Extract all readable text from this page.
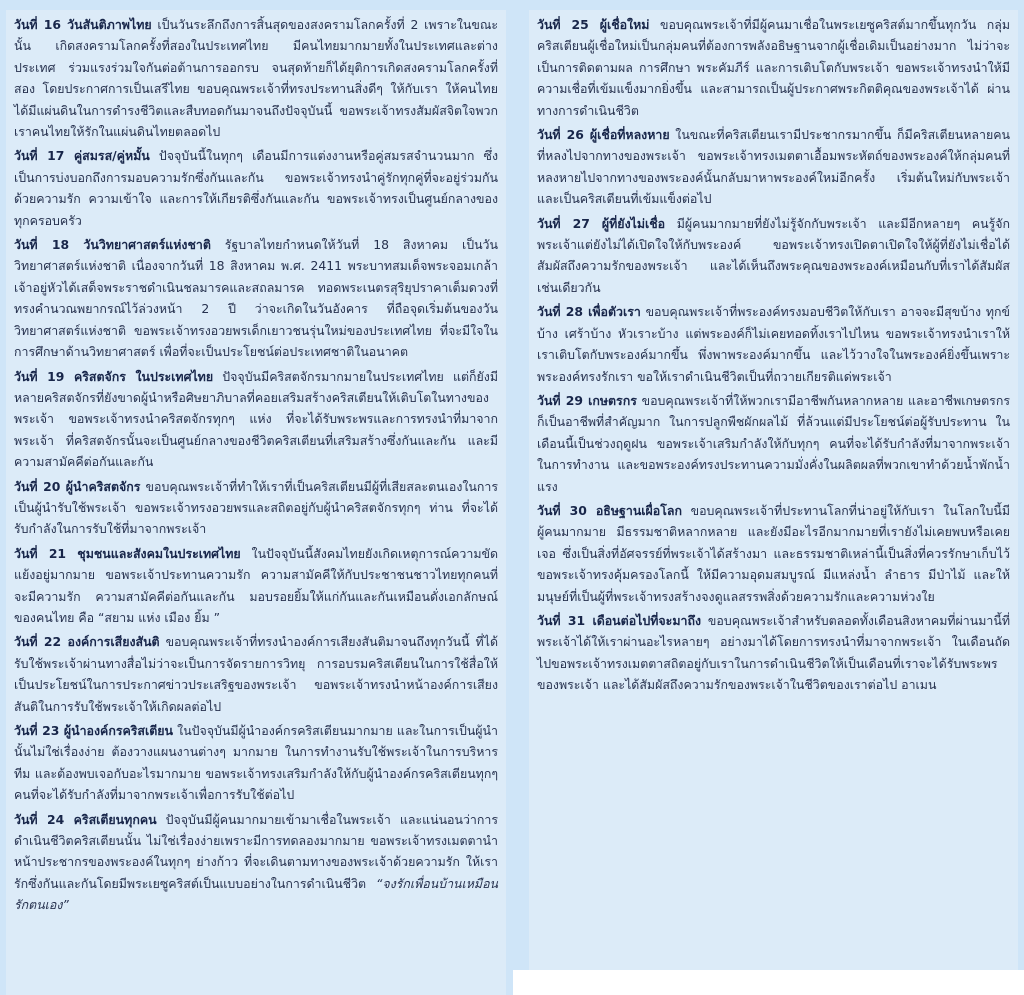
วันที่ 16 วันสันติภาพไทย เป็นวันระลึกถึงการสิ้นสุดของสงครามโลกครั้งที่ 2 เพราะในขณะนั้น เกิดสงครามโลกครั้งที่สองในประเทศไทย มีคนไทยมากมายทั้งในประเทศและต่างประเทศ ร่วมแรงร่วมใจกันต่อต้านการออกรบ จนสุดท้ายก็ได้ยุติการเกิดสงครามโลกครั้งที่สอง โดยประกาศการเป็นเสรีไทย ขอบคุณพระเจ้าที่ทรงประทานสิ่งดีๆ ให้กับเรา ให้คนไทยได้มีแผ่นดินในการดำรงชีวิตและสืบทอดกันมาจนถึงปัจจุบันนี้ ขอพระเจ้าทรงสัมผัสจิตใจพวกเราคนไทยให้รักในแผ่นดินไทยตลอดไป

วันที่ 17 คู่สมรส/คู่หมั้น ปัจจุบันนี้ในทุกๆ เดือนมีการแต่งงานหรือคู่สมรสจำนวนมาก ซึ่งเป็นการบ่งบอกถึงการมอบความรักซึ่งกันและกัน ขอพระเจ้าทรงนำคู่รักทุกคู่ที่จะอยู่ร่วมกันด้วยความรัก ความเข้าใจ และการให้เกียรติซึ่งกันและกัน ขอพระเจ้าทรงเป็นศูนย์กลางของทุกครอบครัว

วันที่ 18 วันวิทยาศาสตร์แห่งชาติ รัฐบาลไทยกำหนดให้วันที่ 18 สิงหาคม เป็นวันวิทยาศาสตร์แห่งชาติ เนื่องจากวันที่ 18 สิงหาคม พ.ศ. 2411 พระบาทสมเด็จพระจอมเกล้าเจ้าอยู่หัวได้เสด็จพระราชดำเนินชลมารคและสถลมารค ทอดพระเนตรสุริยุปราคาเต็มดวงที่ทรงคำนวณพยากรณ์ไว้ล่วงหน้า 2 ปี ว่าจะเกิดในวันอังคาร ที่ถือจุดเริ่มต้นของวันวิทยาศาสตร์แห่งชาติ ขอพระเจ้าทรงอวยพรเด็กเยาวชนรุ่นใหม่ของประเทศไทย ที่จะมีใจในการศึกษาด้านวิทยาศาสตร์ เพื่อที่จะเป็นประโยชน์ต่อประเทศชาติในอนาคต

วันที่ 19 คริสตจักร ในประเทศไทย ปัจจุบันมีคริสตจักรมากมายในประเทศไทย แต่ก็ยังมีหลายคริสตจักรที่ยังขาดผู้นำหรือศิษยาภิบาลที่คอยเสริมสร้างคริสเตียนให้เติบโตในทางของพระเจ้า ขอพระเจ้าทรงนำคริสตจักรทุกๆ แห่ง ที่จะได้รับพระพรและการทรงนำที่มาจากพระเจ้า ที่คริสตจักรนั้นจะเป็นศูนย์กลางของชีวิตคริสเตียนที่เสริมสร้างซึ่งกันและกัน และมีความสามัคคีต่อกันและกัน

วันที่ 20 ผู้นำคริสตจักร ขอบคุณพระเจ้าที่ทำให้เราที่เป็นคริสเตียนมีผู้ที่เสียสละตนเองในการเป็นผู้นำรับใช้พระเจ้า ขอพระเจ้าทรงอวยพรและสถิตอยู่กับผู้นำคริสตจักรทุกๆ ท่าน ที่จะได้รับกำลังในการรับใช้ที่มาจากพระเจ้า

วันที่ 21 ชุมชนและสังคมในประเทศไทย ในปัจจุบันนี้สังคมไทยยังเกิดเหตุการณ์ความขัดแย้งอยู่มากมาย ขอพระเจ้าประทานความรัก ความสามัคคีให้กับประชาชนชาวไทยทุกคนที่จะมีความรัก ความสามัคคีต่อกันและกัน มอบรอยยิ้มให้แก่กันและกันเหมือนดั่งเอกลักษณ์ของคนไทย คือ “สยาม แห่ง เมือง ยิ้ม ”

วันที่ 22 องค์การเสียงสันติ ขอบคุณพระเจ้าที่ทรงนำองค์การเสียงสันติมาจนถึงทุกวันนี้ ที่ได้รับใช้พระเจ้าผ่านทางสื่อไม่ว่าจะเป็นการจัดรายการวิทยุ การอบรมคริสเตียนในการใช้สื่อให้เป็นประโยชน์ในการประกาศข่าวประเสริฐของพระเจ้า ขอพระเจ้าทรงนำหน้าองค์การเสียงสันติในการรับใช้พระเจ้าให้เกิดผลต่อไป

วันที่ 23 ผู้นำองค์กรคริสเตียน ในปัจจุบันมีผู้นำองค์กรคริสเตียนมากมาย และในการเป็นผู้นำนั้นไม่ใช่เรื่องง่าย ต้องวางแผนงานต่างๆ มากมาย ในการทำงานรับใช้พระเจ้าในการบริหารทีม และต้องพบเจอกับอะไรมากมาย ขอพระเจ้าทรงเสริมกำลังให้กับผู้นำองค์กรคริสเตียนทุกๆ คนที่จะได้รับกำลังที่มาจากพระเจ้าเพื่อการรับใช้ต่อไป

วันที่ 24 คริสเตียนทุกคน ปัจจุบันมีผู้คนมากมายเข้ามาเชื่อในพระเจ้า และแน่นอนว่าการดำเนินชีวิตคริสเตียนนั้น ไม่ใช่เรื่องง่ายเพราะมีการทดลองมากมาย ขอพระเจ้าทรงเมตตานำหน้าประชากรของพระองค์ในทุกๆ ย่างก้าว ที่จะเดินตามทางของพระเจ้าด้วยความรัก ให้เรารักซึ่งกันและกันโดยมีพระเยซูคริสต์เป็นแบบอย่างในการดำเนินชีวิต “จงรักเพื่อนบ้านเหมือนรักตนเอง”

วันที่ 25 ผู้เชื่อใหม่ ขอบคุณพระเจ้าที่มีผู้คนมาเชื่อในพระเยซูคริสต์มากขึ้นทุกวัน กลุ่มคริสเตียนผู้เชื่อใหม่เป็นกลุ่มคนที่ต้องการพลังอธิษฐานจากผู้เชื่อเดิมเป็นอย่างมาก ไม่ว่าจะเป็นการติดตามผล การศึกษา พระคัมภีร์ และการเติบโตกับพระเจ้า ขอพระเจ้าทรงนำให้มีความเชื่อที่เข้มแข็งมากยิ่งขึ้น และสามารถเป็นผู้ประกาศพระกิตติคุณของพระเจ้าได้ ผ่านทางการดำเนินชีวิต

วันที่ 26 ผู้เชื่อที่หลงหาย ในขณะที่คริสเตียนเรามีประชากรมากขึ้น ก็มีคริสเตียนหลายคนที่หลงไปจากทางของพระเจ้า ขอพระเจ้าทรงเมตตาเอื้อมพระหัตถ์ของพระองค์ให้กลุ่มคนที่หลงหายไปจากทางของพระองค์นั้นกลับมาหาพระองค์ใหม่อีกครั้ง เริ่มต้นใหม่กับพระเจ้าและเป็นคริสเตียนที่เข้มแข็งต่อไป

วันที่ 27 ผู้ที่ยังไม่เชื่อ มีผู้คนมากมายที่ยังไม่รู้จักกับพระเจ้า และมีอีกหลายๆ คนรู้จักพระเจ้าแต่ยังไม่ได้เปิดใจให้กับพระองค์ ขอพระเจ้าทรงเปิดตาเปิดใจให้ผู้ที่ยังไม่เชื่อได้สัมผัสถึงความรักของพระเจ้า และได้เห็นถึงพระคุณของพระองค์เหมือนกับที่เราได้สัมผัสเช่นเดียวกัน

วันที่ 28 เพื่อตัวเรา ขอบคุณพระเจ้าที่พระองค์ทรงมอบชีวิตให้กับเรา อาจจะมีสุขบ้าง ทุกข์บ้าง เศร้าบ้าง หัวเราะบ้าง แต่พระองค์ก็ไม่เคยทอดทิ้งเราไปไหน ขอพระเจ้าทรงนำเราให้เราเติบโตกับพระองค์มากขึ้น พึ่งพาพระองค์มากขึ้น และไว้วางใจในพระองค์ยิ่งขึ้นเพราะพระองค์ทรงรักเรา ขอให้เราดำเนินชีวิตเป็นที่ถวายเกียรติแด่พระเจ้า

วันที่ 29 เกษตรกร ขอบคุณพระเจ้าที่ให้พวกเรามีอาชีพกันหลากหลาย และอาชีพเกษตรกรก็เป็นอาชีพที่สำคัญมาก ในการปลูกพืชผักผลไม้ ที่ล้วนแต่มีประโยชน์ต่อผู้รับประทาน ในเดือนนี้เป็นช่วงฤดูฝน ขอพระเจ้าเสริมกำลังให้กับทุกๆ คนที่จะได้รับกำลังที่มาจากพระเจ้าในการทำงาน และขอพระองค์ทรงประทานความมั่งคั่งในผลิตผลที่พวกเขาทำด้วยน้ำพักน้ำแรง

วันที่ 30 อธิษฐานเผื่อโลก ขอบคุณพระเจ้าที่ประทานโลกที่น่าอยู่ให้กับเรา ในโลกใบนี้มีผู้คนมากมาย มีธรรมชาติหลากหลาย และยังมีอะไรอีกมากมายที่เรายังไม่เคยพบหรือเคยเจอ ซึ่งเป็นสิ่งที่อัศจรรย์ที่พระเจ้าได้สร้างมา และธรรมชาติเหล่านี้เป็นสิ่งที่ควรรักษาเก็บไว้ ขอพระเจ้าทรงคุ้มครองโลกนี้ ให้มีความอุดมสมบูรณ์ มีแหล่งน้ำ ลำธาร มีป่าไม้ และให้มนุษย์ที่เป็นผู้ที่พระเจ้าทรงสร้างจงดูแลสรรพสิ่งด้วยความรักและความห่วงใย

วันที่ 31 เดือนต่อไปที่จะมาถึง ขอบคุณพระเจ้าสำหรับตลอดทั้งเดือนสิงหาคมที่ผ่านมานี้ที่พระเจ้าได้ให้เราผ่านอะไรหลายๆ อย่างมาได้โดยการทรงนำที่มาจากพระเจ้า ในเดือนถัดไปขอพระเจ้าทรงเมตตาสถิตอยู่กับเราในการดำเนินชีวิตให้เป็นเดือนที่เราจะได้รับพระพรของพระเจ้า และได้สัมผัสถึงความรักของพระเจ้าในชีวิตของเราต่อไป อาเมน
